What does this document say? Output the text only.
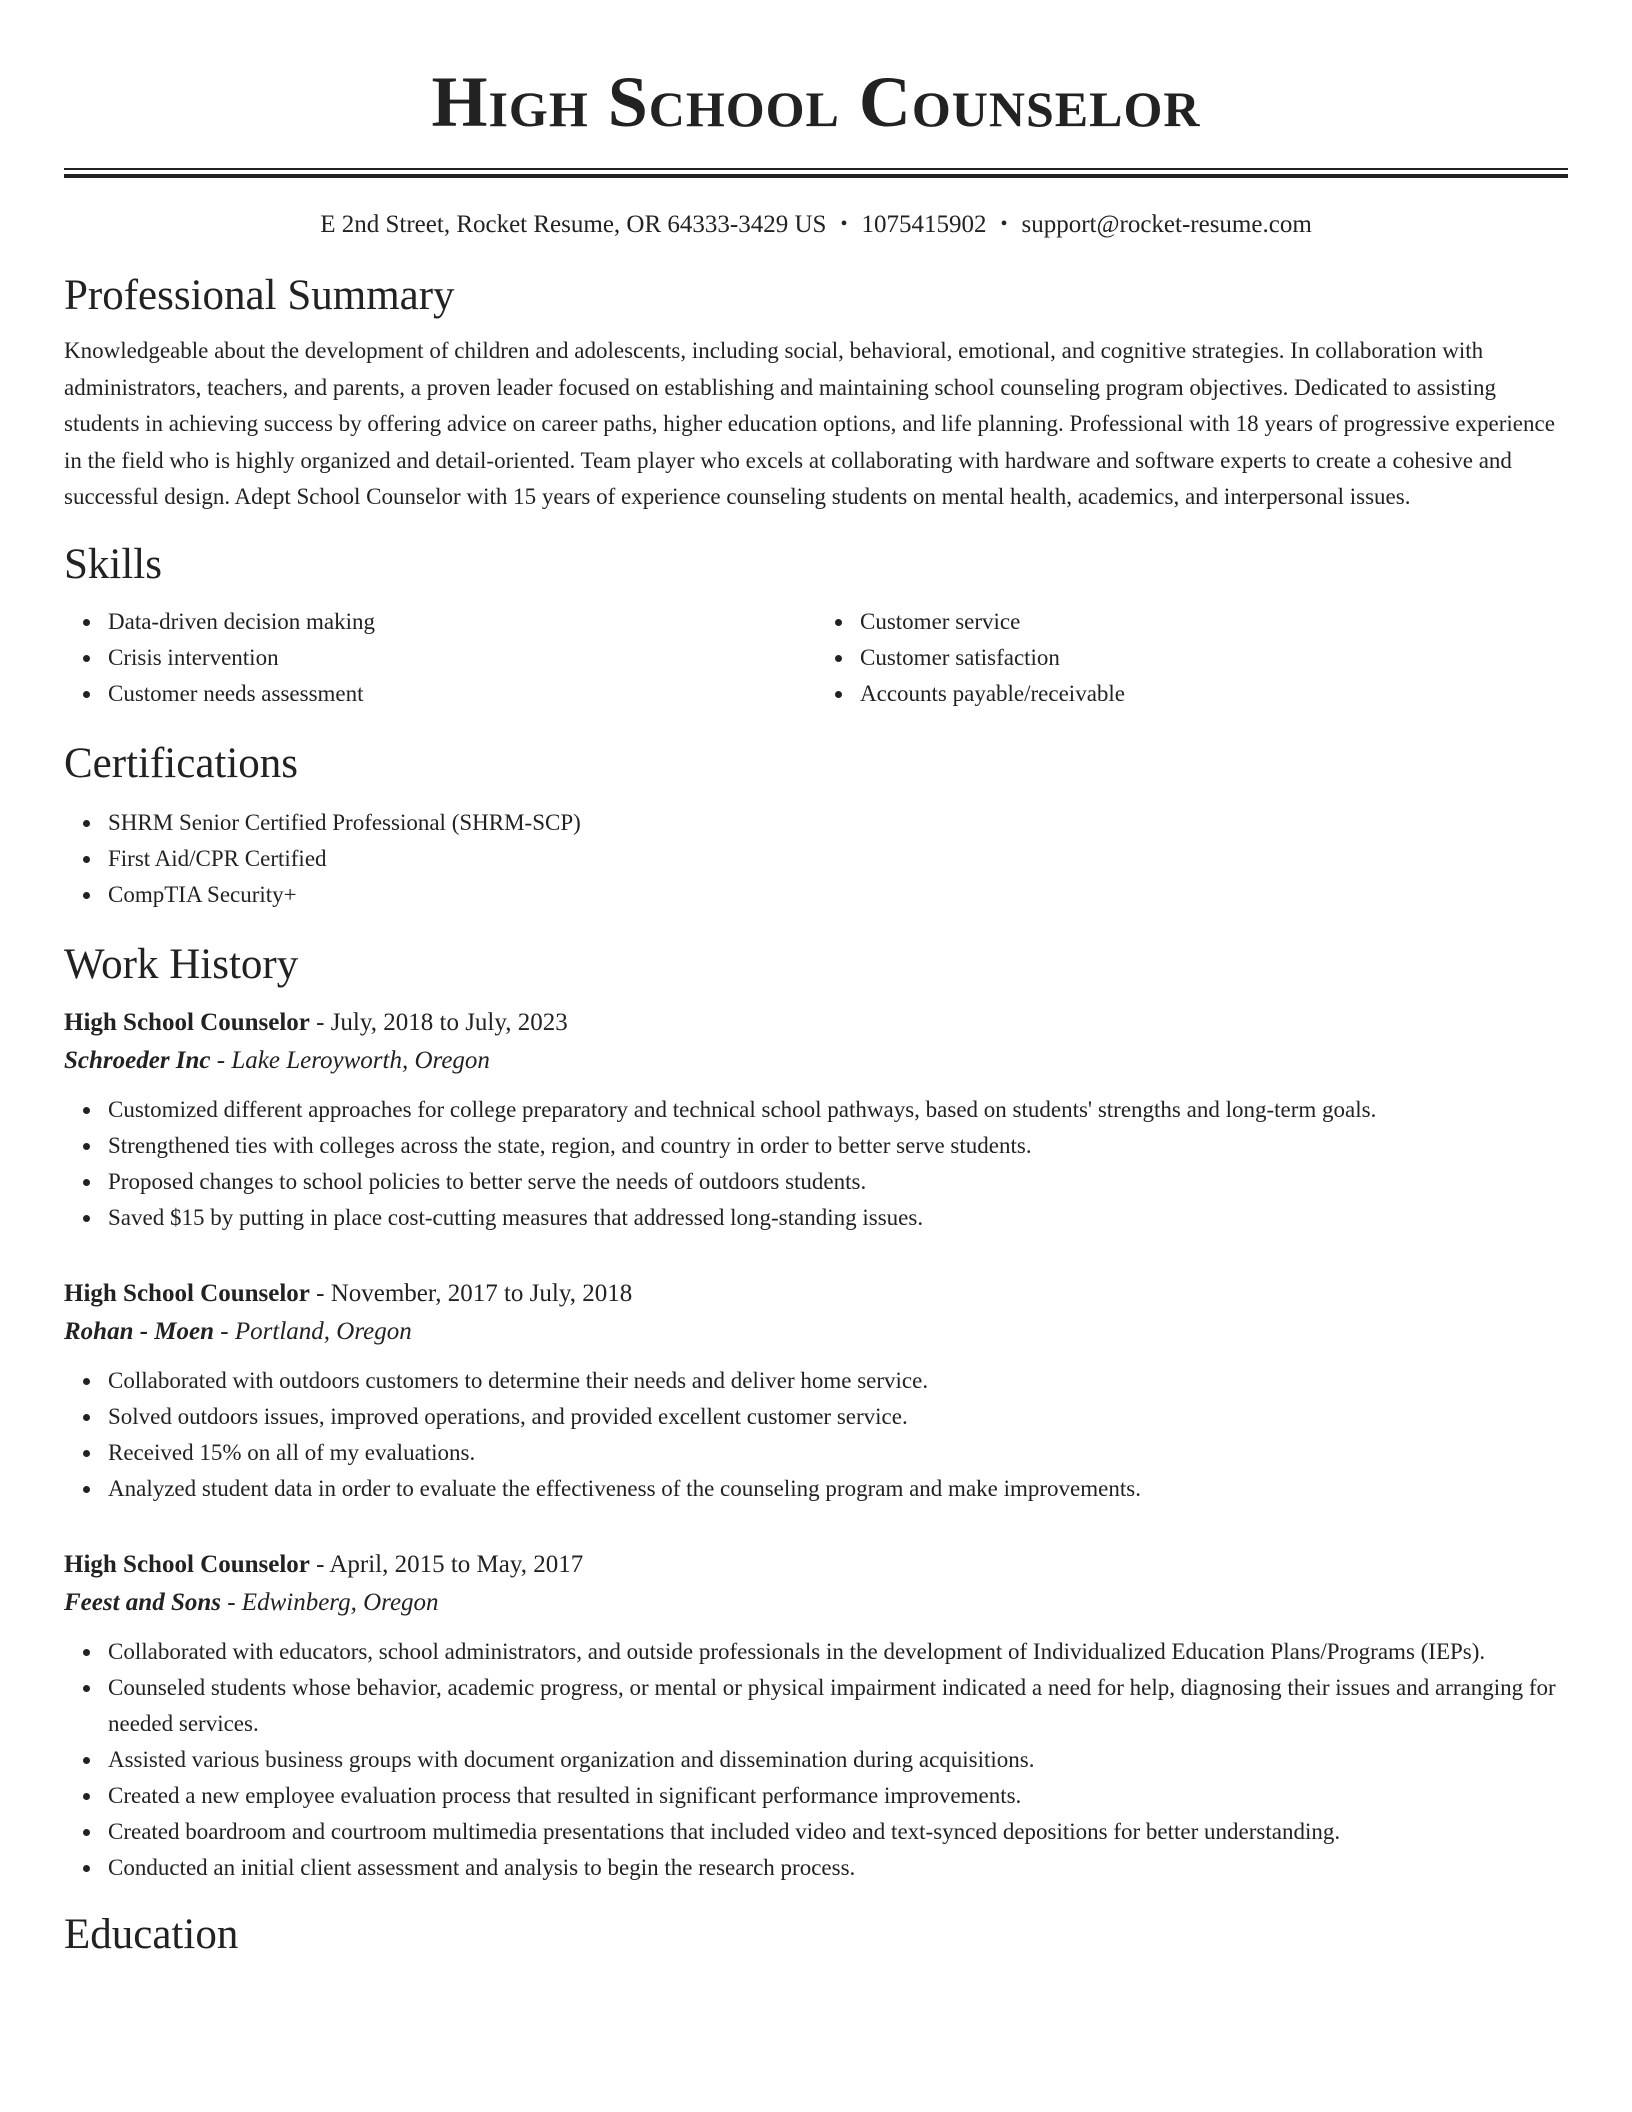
High School Counselor
E 2nd Street, Rocket Resume, OR 64333-3429 US • 1075415902 • support@rocket-resume.com
Professional Summary

Knowledgeable about the development of children and adolescents, including social, behavioral, emotional, and cognitive strategies. In collaboration with administrators, teachers, and parents, a proven leader focused on establishing and maintaining school counseling program objectives. Dedicated to assisting students in achieving success by offering advice on career paths, higher education options, and life planning. Professional with 18 years of progressive experience in the field who is highly organized and detail-oriented. Team player who excels at collaborating with hardware and software experts to create a cohesive and successful design. Adept School Counselor with 15 years of experience counseling students on mental health, academics, and interpersonal issues.

Skills
Data-driven decision making
Crisis intervention
Customer needs assessment
Customer service
Customer satisfaction
Accounts payable/receivable
Certifications
SHRM Senior Certified Professional (SHRM-SCP)
First Aid/CPR Certified
CompTIA Security+
Work History
High School Counselor - July, 2018 to July, 2023
Schroeder Inc - Lake Leroyworth, Oregon
Customized different approaches for college preparatory and technical school pathways, based on students' strengths and long-term goals.
Strengthened ties with colleges across the state, region, and country in order to better serve students.
Proposed changes to school policies to better serve the needs of outdoors students.
Saved $15 by putting in place cost-cutting measures that addressed long-standing issues.
High School Counselor - November, 2017 to July, 2018
Rohan - Moen - Portland, Oregon
Collaborated with outdoors customers to determine their needs and deliver home service.
Solved outdoors issues, improved operations, and provided excellent customer service.
Received 15% on all of my evaluations.
Analyzed student data in order to evaluate the effectiveness of the counseling program and make improvements.
High School Counselor - April, 2015 to May, 2017
Feest and Sons - Edwinberg, Oregon
Collaborated with educators, school administrators, and outside professionals in the development of Individualized Education Plans/Programs (IEPs).
Counseled students whose behavior, academic progress, or mental or physical impairment indicated a need for help, diagnosing their issues and arranging for needed services.
Assisted various business groups with document organization and dissemination during acquisitions.
Created a new employee evaluation process that resulted in significant performance improvements.
Created boardroom and courtroom multimedia presentations that included video and text-synced depositions for better understanding.
Conducted an initial client assessment and analysis to begin the research process.
Education
